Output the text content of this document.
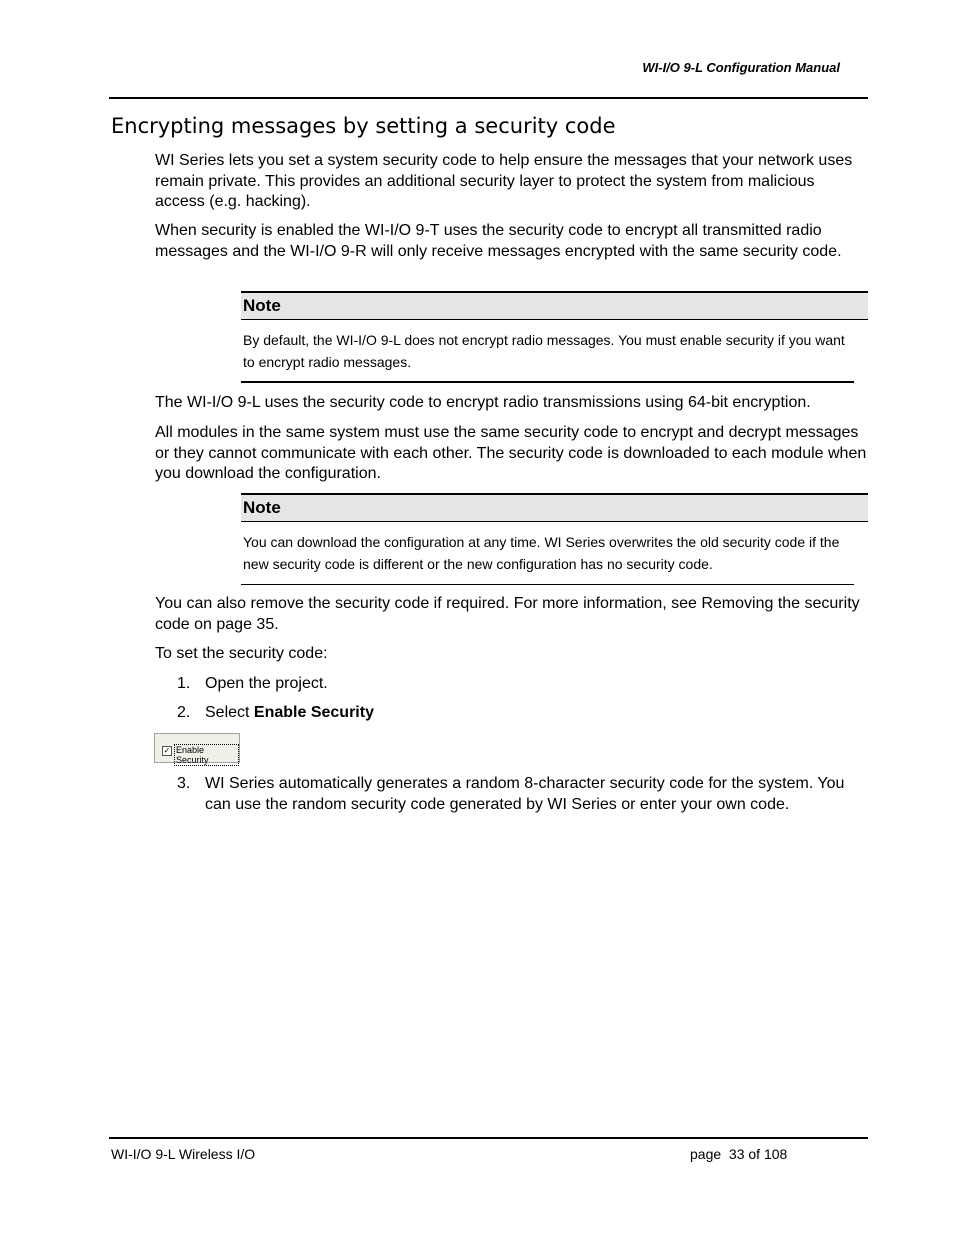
WI-I/O 9-L Configuration Manual
Encrypting messages by setting a security code
WI Series lets you set a system security code to help ensure the messages that your network uses remain private. This provides an additional security layer to protect the system from malicious access (e.g. hacking).
When security is enabled the WI-I/O 9-T uses the security code to encrypt all transmitted radio messages and the WI-I/O 9-R will only receive messages encrypted with the same security code.
Note
By default, the WI-I/O 9-L does not encrypt radio messages. You must enable security if you want to encrypt radio messages.
The WI-I/O 9-L uses the security code to encrypt radio transmissions using 64-bit encryption.
All modules in the same system must use the same security code to encrypt and decrypt messages or they cannot communicate with each other. The security code is downloaded to each module when you download the configuration.
Note
You can download the configuration at any time. WI Series overwrites the old security code if the new security code is different or the new configuration has no security code.
You can also remove the security code if required. For more information, see Removing the security code on page 35.
To set the security code:
1. Open the project.
2. Select Enable Security
✓ Enable Security
3. WI Series automatically generates a random 8-character security code for the system. You can use the random security code generated by WI Series or enter your own code.
WI-I/O 9-L Wireless I/O	page  33 of 108
